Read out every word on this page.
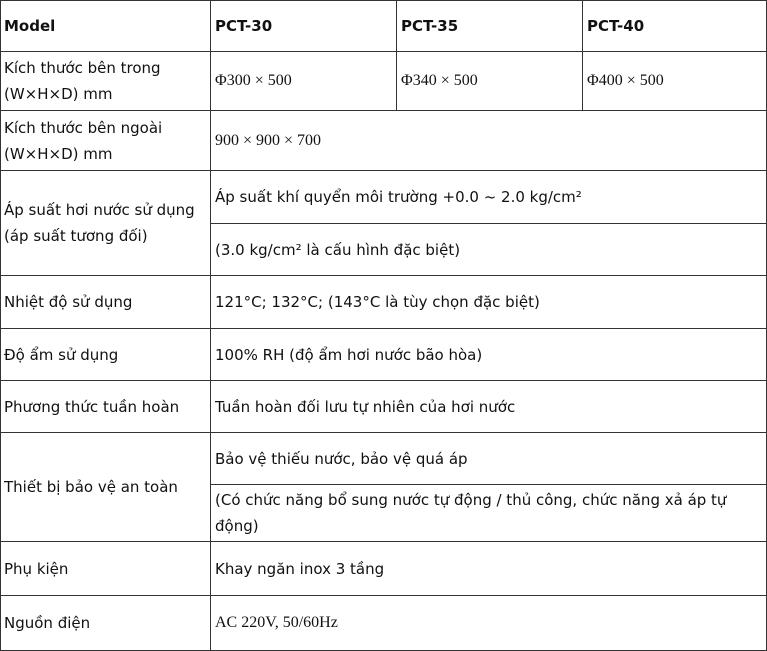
Model	PCT-30	PCT-35	PCT-40
Kích thước bên trong
(W×H×D) mm	Φ300 × 500	Φ340 × 500	Φ400 × 500
Kích thước bên ngoài
(W×H×D) mm	900 × 900 × 700		
Áp suất hơi nước sử dụng
(áp suất tương đối)	Áp suất khí quyển môi trường +0.0 ~ 2.0 kg/cm²		
	(3.0 kg/cm² là cấu hình đặc biệt)		
Nhiệt độ sử dụng	121°C; 132°C; (143°C là tùy chọn đặc biệt)		
Độ ẩm sử dụng	100% RH (độ ẩm hơi nước bão hòa)		
Phương thức tuần hoàn	Tuần hoàn đối lưu tự nhiên của hơi nước		
Thiết bị bảo vệ an toàn	Bảo vệ thiếu nước, bảo vệ quá áp		
	(Có chức năng bổ sung nước tự động / thủ công, chức năng xả áp tự động)		
Phụ kiện	Khay ngăn inox 3 tầng		
Nguồn điện	AC 220V, 50/60Hz		
